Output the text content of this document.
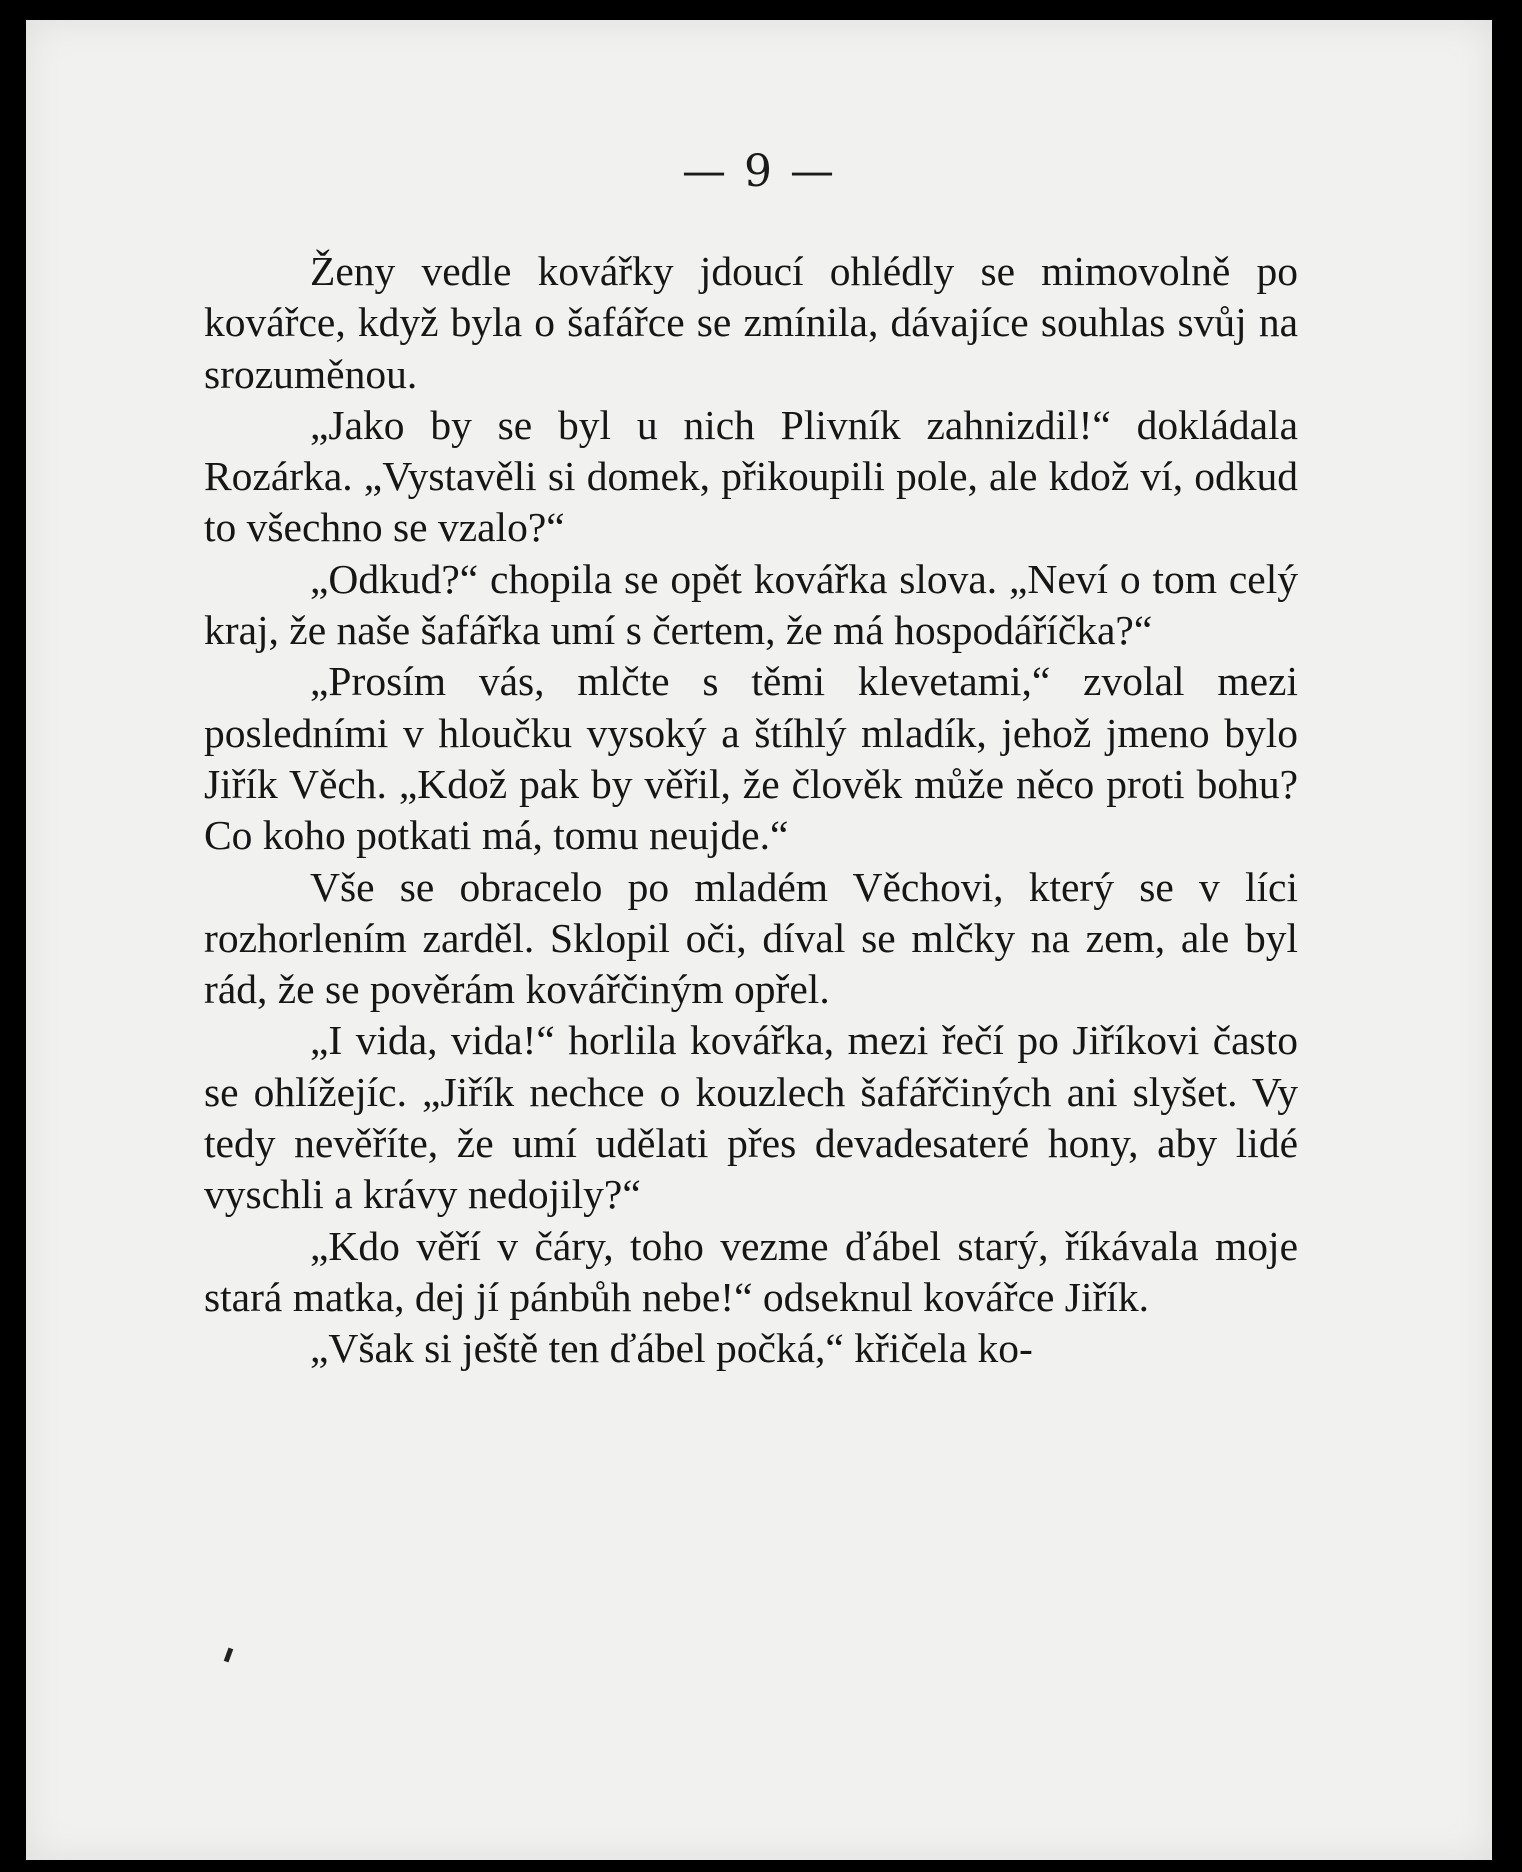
— 9 —

Ženy vedle kovářky jdoucí ohlédly se mimovolně po kovářce, když byla o šafářce se zmínila, dávajíce souhlas svůj na srozuměnou.

„Jako by se byl u nich Plivník zahnizdil!“ dokládala Rozárka. „Vystavěli si domek, přikoupili pole, ale kdož ví, odkud to všechno se vzalo?“

„Odkud?“ chopila se opět kovářka slova. „Neví o tom celý kraj, že naše šafářka umí s čertem, že má hospodáříčka?“

„Prosím vás, mlčte s těmi klevetami,“ zvolal mezi posledními v hloučku vysoký a štíhlý mladík, jehož jmeno bylo Jiřík Věch. „Kdož pak by věřil, že člověk může něco proti bohu? Co koho potkati má, tomu neujde.“

Vše se obracelo po mladém Věchovi, který se v líci rozhorlením zarděl. Sklopil oči, díval se mlčky na zem, ale byl rád, že se pověrám kovářčiným opřel.

„I vida, vida!“ horlila kovářka, mezi řečí po Jiříkovi často se ohlížejíc. „Jiřík nechce o kouzlech šafářčiných ani slyšet. Vy tedy nevěříte, že umí udělati přes devadesateré hony, aby lidé vyschli a krávy nedojily?“

„Kdo věří v čáry, toho vezme ďábel starý, říkávala moje stará matka, dej jí pánbůh nebe!“ odseknul kovářce Jiřík.

„Však si ještě ten ďábel počká,“ křičela ko-
